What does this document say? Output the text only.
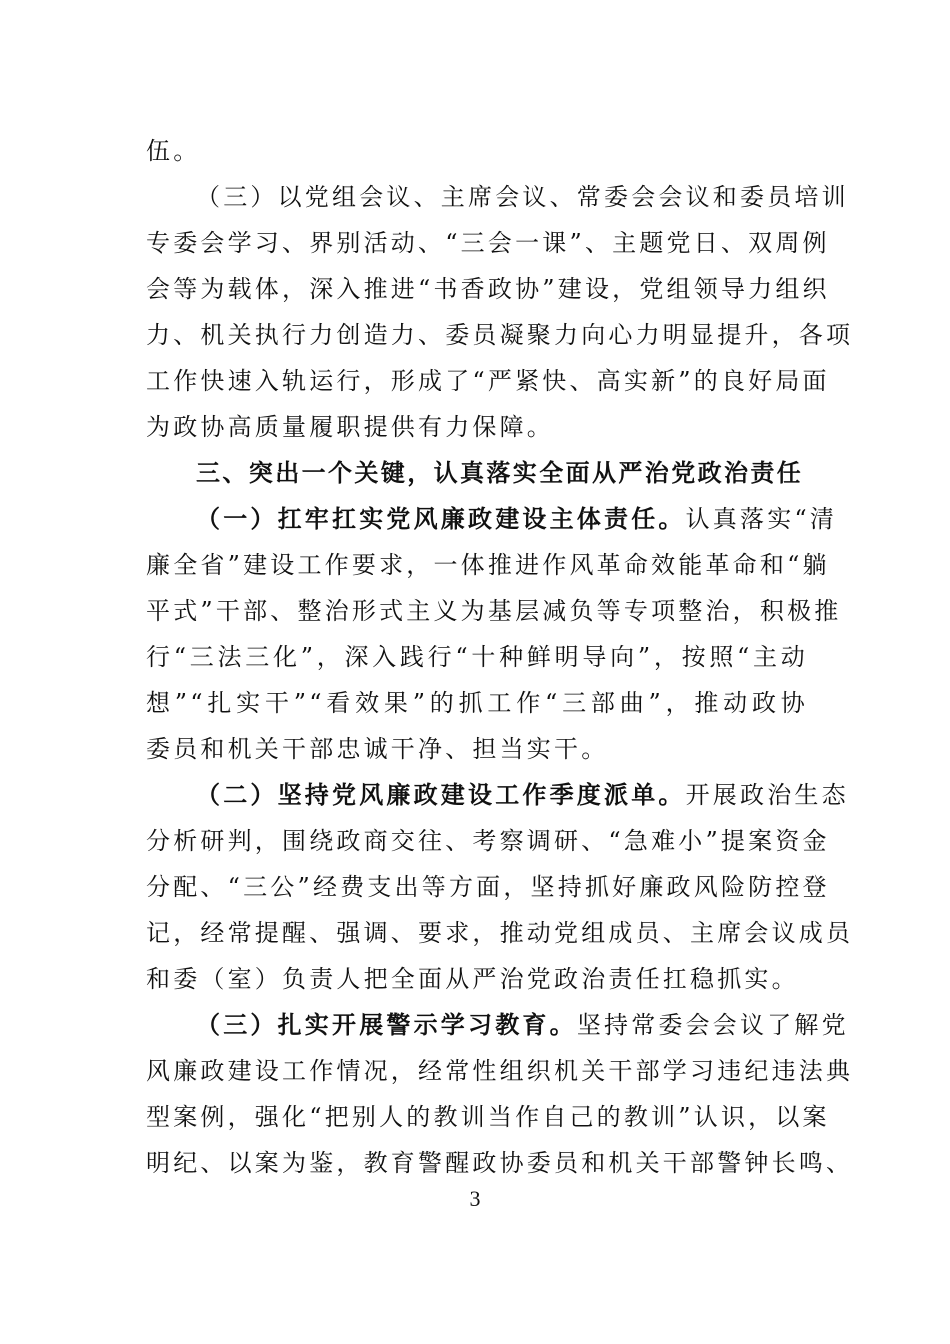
伍。
（三）以党组会议、主席会议、常委会会议和委员培训
专委会学习、界别活动、“三会一课”、主题党日、双周例
会等为载体，深入推进“书香政协”建设，党组领导力组织
力、机关执行力创造力、委员凝聚力向心力明显提升，各项
工作快速入轨运行，形成了“严紧快、高实新”的良好局面
为政协高质量履职提供有力保障。
三、突出一个关键，认真落实全面从严治党政治责任
（一）扛牢扛实党风廉政建设主体责任。认真落实“清
廉全省”建设工作要求，一体推进作风革命效能革命和“躺
平式”干部、整治形式主义为基层减负等专项整治，积极推
行“三法三化”，深入践行“十种鲜明导向”，按照“主动
想”“扎实干”“看效果”的抓工作“三部曲”，推动政协
委员和机关干部忠诚干净、担当实干。
（二）坚持党风廉政建设工作季度派单。开展政治生态
分析研判，围绕政商交往、考察调研、“急难小”提案资金
分配、“三公”经费支出等方面，坚持抓好廉政风险防控登
记，经常提醒、强调、要求，推动党组成员、主席会议成员
和委（室）负责人把全面从严治党政治责任扛稳抓实。
（三）扎实开展警示学习教育。坚持常委会会议了解党
风廉政建设工作情况，经常性组织机关干部学习违纪违法典
型案例，强化“把别人的教训当作自己的教训”认识，以案
明纪、以案为鉴，教育警醒政协委员和机关干部警钟长鸣、
3
